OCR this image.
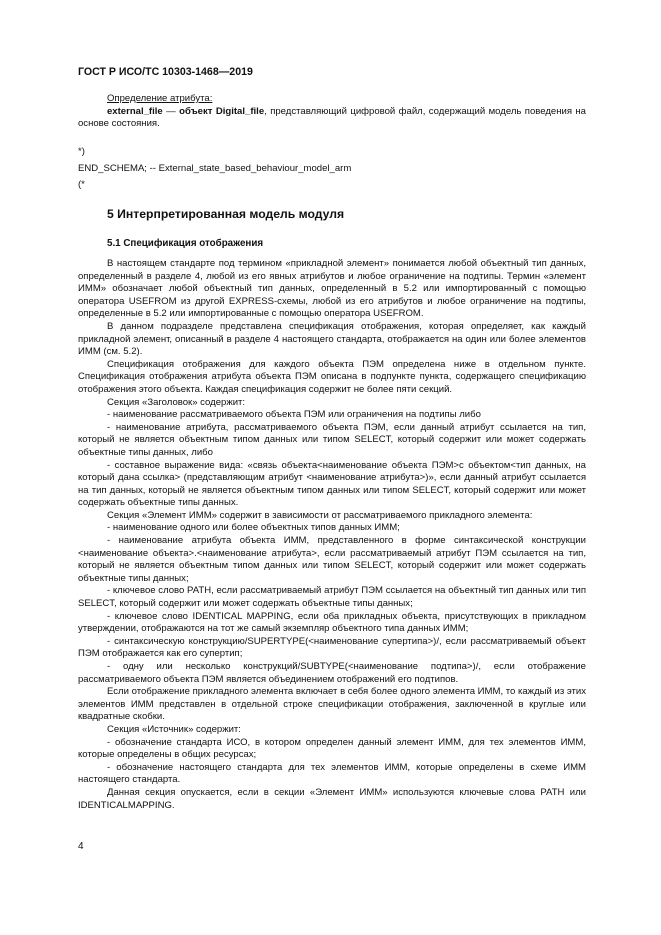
ГОСТ Р ИСО/ТС 10303-1468—2019

Определение атрибута:

external_file — объект Digital_file, представляющий цифровой файл, содержащий модель поведения на основе состояния.

*)

END_SCHEMA; -- External_state_based_behaviour_model_arm

(*

5 Интерпретированная модель модуля
5.1 Спецификация отображения

В настоящем стандарте под термином «прикладной элемент» понимается любой объектный тип данных, определенный в разделе 4, любой из его явных атрибутов и любое ограничение на подтипы. Термин «элемент ИММ» обозначает любой объектный тип данных, определенный в 5.2 или импортированный с помощью оператора USEFROM из другой EXPRESS-схемы, любой из его атрибутов и любое ограничение на подтипы, определенные в 5.2 или импортированные с помощью оператора USEFROM.

В данном подразделе представлена спецификация отображения, которая определяет, как каждый прикладной элемент, описанный в разделе 4 настоящего стандарта, отображается на один или более элементов ИММ (см. 5.2).

Спецификация отображения для каждого объекта ПЭМ определена ниже в отдельном пункте. Спецификация отображения атрибута объекта ПЭМ описана в подпункте пункта, содержащего спецификацию отображения этого объекта. Каждая спецификация содержит не более пяти секций.

Секция «Заголовок» содержит:

- наименование рассматриваемого объекта ПЭМ или ограничения на подтипы либо

- наименование атрибута, рассматриваемого объекта ПЭМ, если данный атрибут ссылается на тип, который не является объектным типом данных или типом SELECT, который содержит или может содержать объектные типы данных, либо

- составное выражение вида: «связь объекта<наименование объекта ПЭМ>с объектом<тип данных, на который дана ссылка> (представляющим атрибут <наименование атрибута>)», если данный атрибут ссылается на тип данных, который не является объектным типом данных или типом SELECT, который содержит или может содержать объектные типы данных.

Секция «Элемент ИММ» содержит в зависимости от рассматриваемого прикладного элемента:

- наименование одного или более объектных типов данных ИММ;

- наименование атрибута объекта ИММ, представленного в форме синтаксической конструкции <наименование объекта>.<наименование атрибута>, если рассматриваемый атрибут ПЭМ ссылается на тип, который не является объектным типом данных или типом SELECT, который содержит или может содержать объектные типы данных;

- ключевое слово PATH, если рассматриваемый атрибут ПЭМ ссылается на объектный тип данных или тип SELECT, который содержит или может содержать объектные типы данных;

- ключевое слово IDENTICAL MAPPING, если оба прикладных объекта, присутствующих в прикладном утверждении, отображаются на тот же самый экземпляр объектного типа данных ИММ;

- синтаксическую конструкцию/SUPERTYPE(<наименование супертипа>)/, если рассматриваемый объект ПЭМ отображается как его супертип;

- одну или несколько конструкций/SUBTYPE(<наименование подтипа>)/, если отображение рассматриваемого объекта ПЭМ является объединением отображений его подтипов.

Если отображение прикладного элемента включает в себя более одного элемента ИММ, то каждый из этих элементов ИММ представлен в отдельной строке спецификации отображения, заключенной в круглые или квадратные скобки.

Секция «Источник» содержит:

- обозначение стандарта ИСО, в котором определен данный элемент ИММ, для тех элементов ИММ, которые определены в общих ресурсах;

- обозначение настоящего стандарта для тех элементов ИММ, которые определены в схеме ИММ настоящего стандарта.

Данная секция опускается, если в секции «Элемент ИММ» используются ключевые слова PATH или IDENTICALMAPPING.

4
